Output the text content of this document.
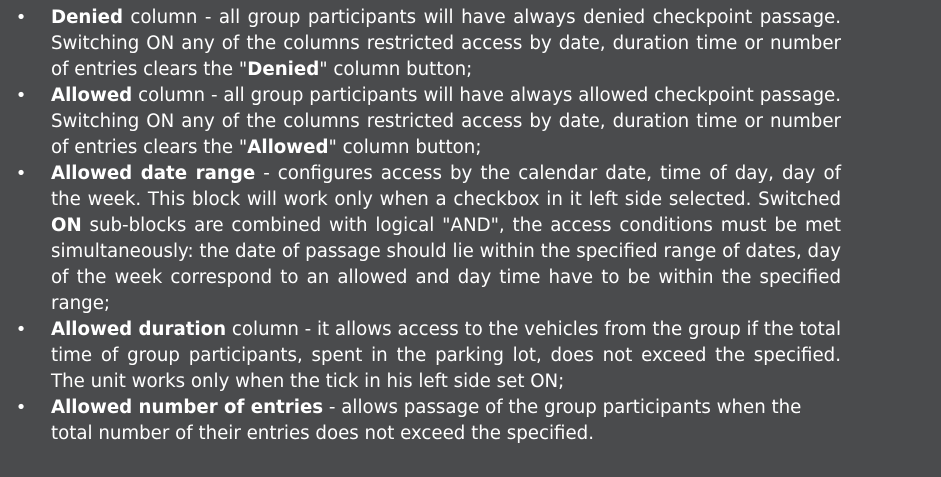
• Denied column - all group participants will have always denied checkpoint passage. Switching ON any of the columns restricted access by date, duration time or number of entries clears the "Denied" column button;
• Allowed column - all group participants will have always allowed checkpoint passage. Switching ON any of the columns restricted access by date, duration time or number of entries clears the "Allowed" column button;
• Allowed date range - configures access by the calendar date, time of day, day of the week. This block will work only when a checkbox in it left side selected. Switched ON sub-blocks are combined with logical "AND", the access conditions must be met simultaneously: the date of passage should lie within the specified range of dates, day of the week correspond to an allowed and day time have to be within the specified range;
• Allowed duration column - it allows access to the vehicles from the group if the total time of group participants, spent in the parking lot, does not exceed the specified. The unit works only when the tick in his left side set ON;
• Allowed number of entries - allows passage of the group participants when the total number of their entries does not exceed the specified.
